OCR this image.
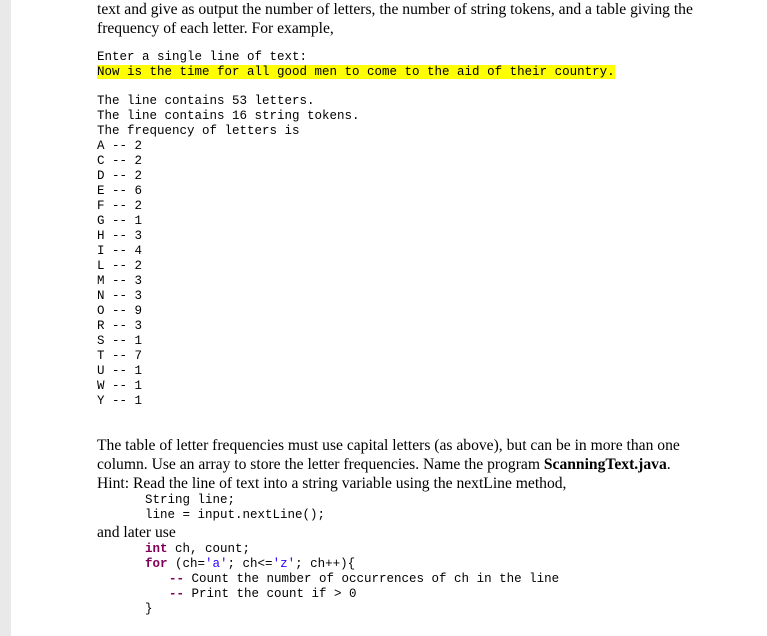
text and give as output the number of letters, the number of string tokens, and a table giving the

frequency of each letter. For example,

Enter a single line of text:

Now is the time for all good men to come to the aid of their country.

The line contains 53 letters.

The line contains 16 string tokens.

The frequency of letters is

A -- 2
C -- 2
D -- 2
E -- 6
F -- 2
G -- 1
H -- 3
I -- 4
L -- 2
M -- 3
N -- 3
O -- 9
R -- 3
S -- 1
T -- 7
U -- 1
W -- 1
Y -- 1

The table of letter frequencies must use capital letters (as above), but can be in more than one

column. Use an array to store the letter frequencies. Name the program ScanningText.java.

Hint: Read the line of text into a string variable using the nextLine method,

String line;

line = input.nextLine();

and later use

int ch, count;

for (ch='a'; ch<='z'; ch++){

-- Count the number of occurrences of ch in the line

-- Print the count if > 0

}
